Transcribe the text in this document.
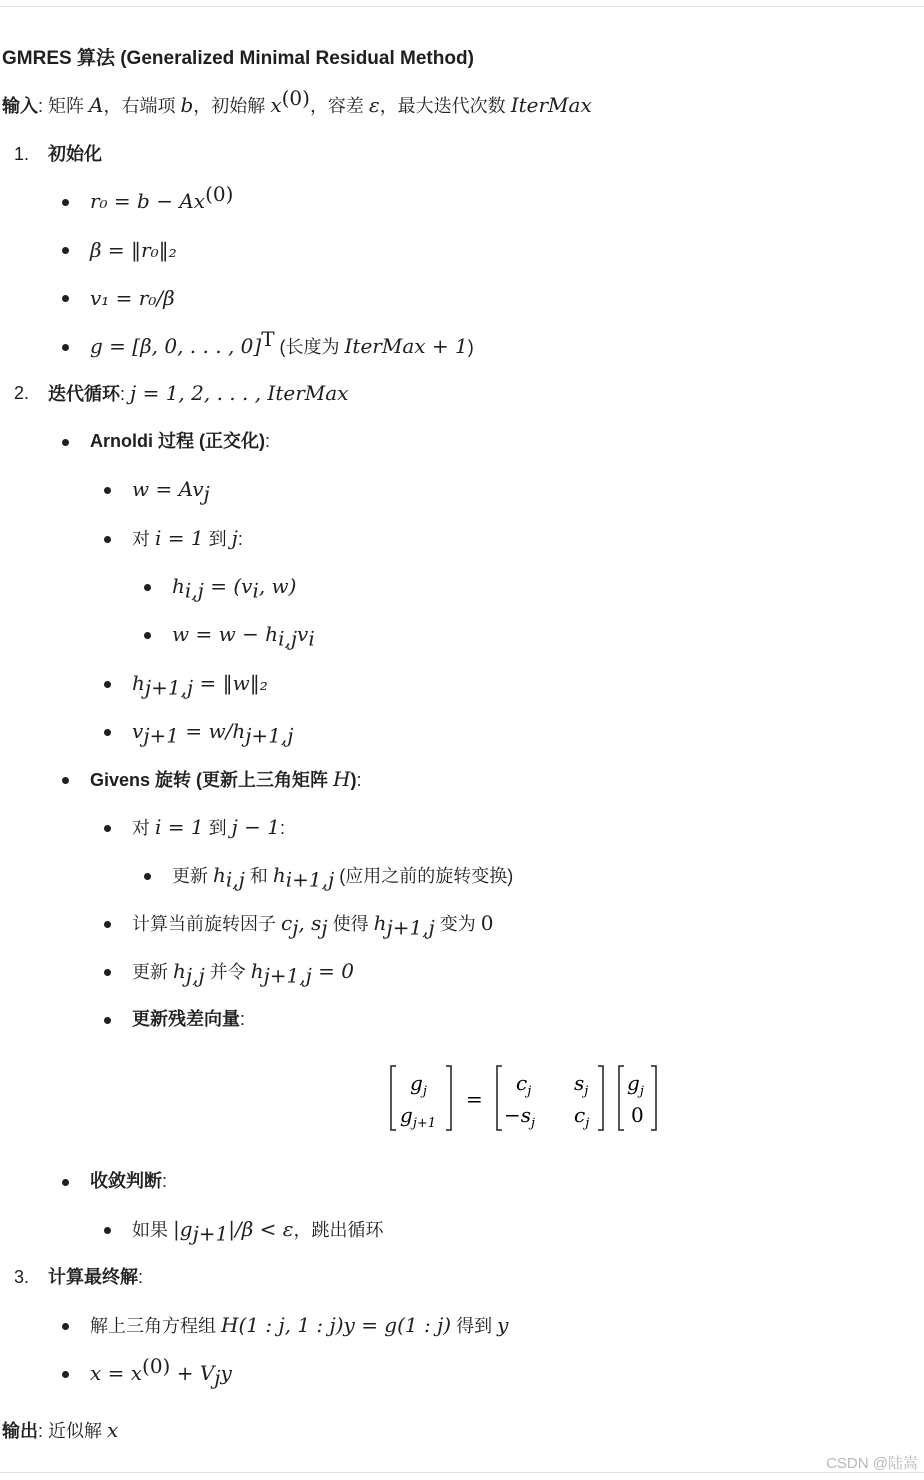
GMRES 算法 (Generalized Minimal Residual Method)
输入: 矩阵 A，右端项 b，初始解 $x^{(0)}$，容差 ε，最大迭代次数 IterMax
1. 初始化
$r_0 = b - Ax^{(0)}$
β = ‖r₀‖₂
v₁ = r₀/β
g = [β, 0, . . . , 0]$^T$ (长度为 IterMax + 1)
2. 迭代循环: j = 1, 2, . . . , IterMax
Arnoldi 过程 (正交化):
$w = Av_j$
对 i = 1 到 j:
$h_{i,j} = (v_i$, w)
$w = w - h_{i,j}v_i$
$h_{j+1,j}$ = ‖w‖₂
$v_{j+1} = w/h_{j+1,j}$
Givens 旋转 (更新上三角矩阵 H):
对 i = 1 到 j − 1:
更新 $h_{i,j}$ 和 $h_{i+1,j}$ (应用之前的旋转变换)
计算当前旋转因子 $c_j$, $s_j$ 使得 $h_{j+1,j}$ 变为 0
更新 $h_{j,j}$ 并令 $h_{j+1,j} = 0$
更新残差向量:
$g_j$
$g_{j+1}$
=
$c_j$ $s_j$
$-s_j$ $c_j$
$g_j$
0
收敛判断:
如果 $|g_{j+1}|/\beta < \varepsilon$，跳出循环
3. 计算最终解:
解上三角方程组 H(1 : j, 1 : j)y = g(1 : j) 得到 y
$x = x^{(0)} + V_jy$
输出: 近似解 x
CSDN @陆嵩
